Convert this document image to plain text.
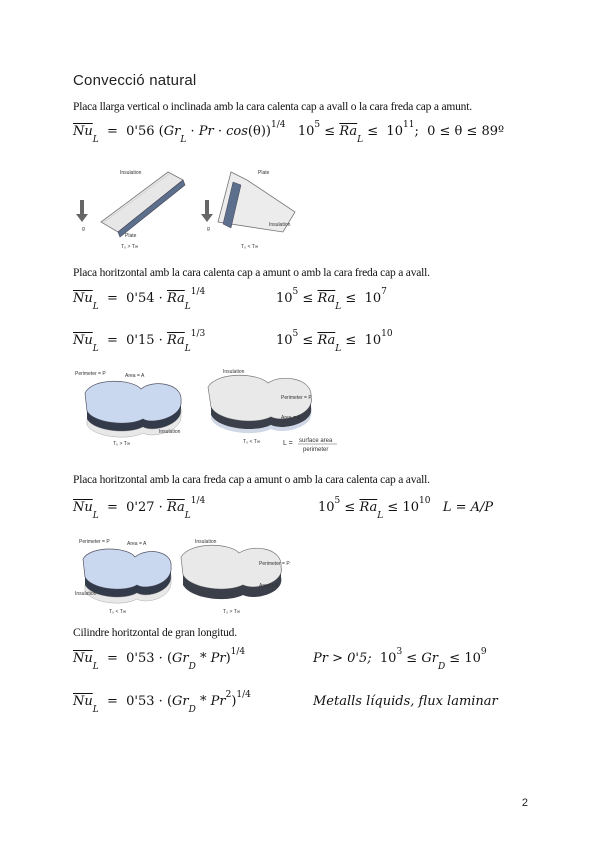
Convecció natural
Placa llarga vertical o inclinada amb la cara calenta cap a avall o la cara freda cap a amunt.
$\overline{Nu}_L = 0'56$ $(Gr_L \cdot Pr \cdot \cos(\theta))^{1/4}$   $10^5 \le \overline{Ra}_L \le 10^{11}$;  0 ≤ θ ≤ 89º
g
Insulation
Plate
T₀ > T∞
g
Plate
Insulation
T₀ < T∞
Placa horitzontal amb la cara calenta cap a amunt o amb la cara freda cap a avall.
$\overline{Nu}_L = 0'54 \cdot \overline{Ra}_L^{1/4}$	$10^5 \le \overline{Ra}_L \le 10^7$
$\overline{Nu}_L = 0'15 \cdot \overline{Ra}_L^{1/3}$	$10^5 \le \overline{Ra}_L \le 10^{10}$
Perimeter = P	Area = A
Insulation
T₀ > T∞
Insulation
Perimeter = P
Area = A
T₀ < T∞	L = surface area
perimeter
Placa horitzontal amb la cara freda cap a amunt o amb la cara calenta cap a avall.
$\overline{Nu}_L = 0'27 \cdot \overline{Ra}_L^{1/4}$	$10^5 \le \overline{Ra}_L \le 10^{10}$ L = A/P
Perimeter = P	Area = A
Insulation
T₀ < T∞
Insulation
Perimeter = P
Area = A
T₀ > T∞
Cilindre horitzontal de gran longitud.
$\overline{Nu}_L = 0'53 \cdot (Gr_D * Pr)^{1/4}$	Pr > 0'5;  $10^3 \le Gr_D \le 10^9$
$\overline{Nu}_L = 0'53 \cdot (Gr_D * Pr^2)^{1/4}$	Metalls líquids, flux laminar
2
